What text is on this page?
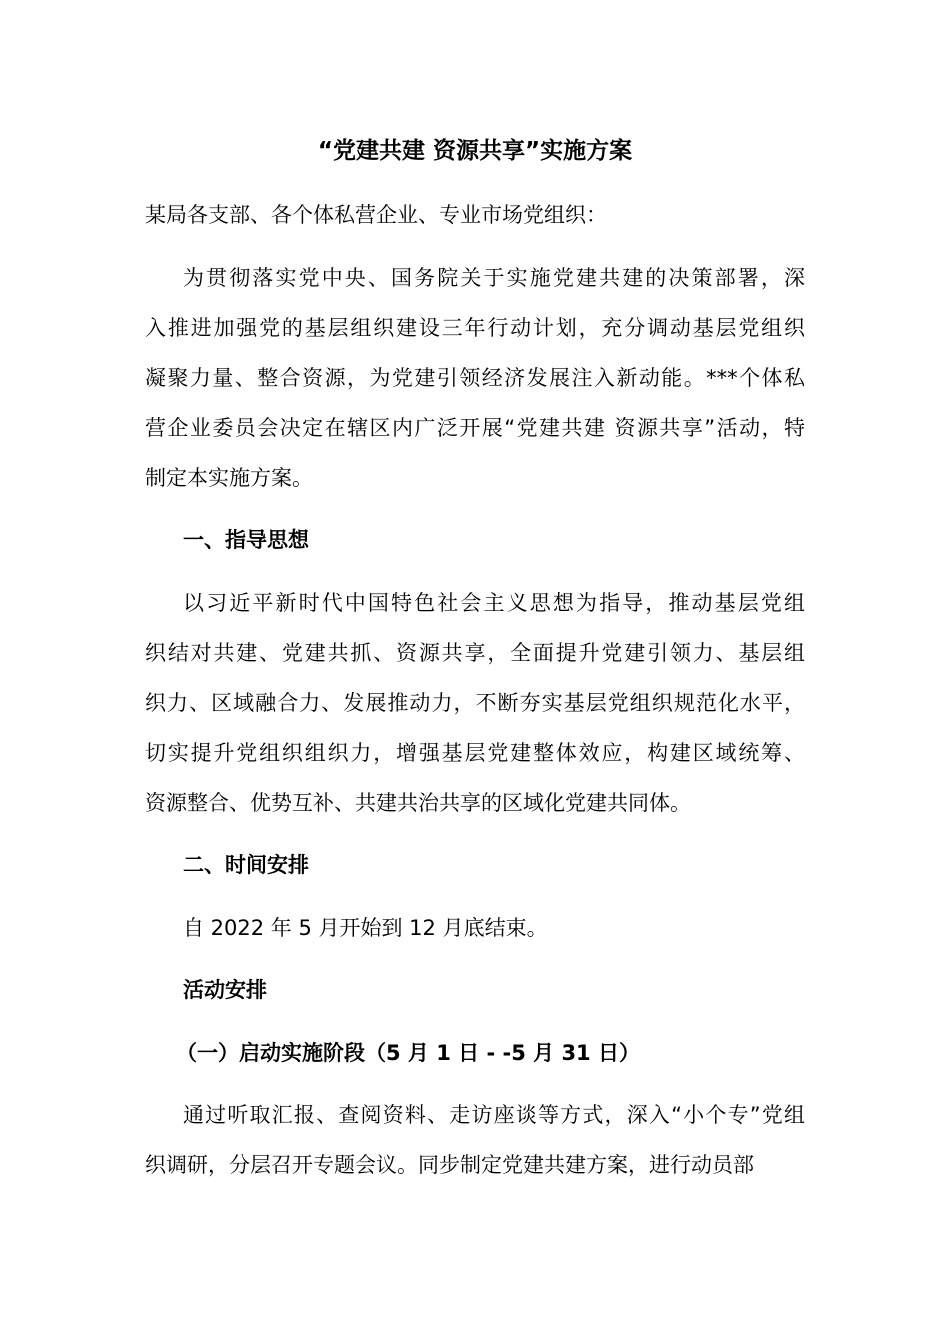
“党建共建 资源共享”实施方案
某局各支部、各个体私营企业、专业市场党组织：
为贯彻落实党中央、国务院关于实施党建共建的决策部署，深
入推进加强党的基层组织建设三年行动计划，充分调动基层党组织
凝聚力量、整合资源，为党建引领经济发展注入新动能。***个体私
营企业委员会决定在辖区内广泛开展“党建共建 资源共享”活动，特
制定本实施方案。
一、指导思想
以习近平新时代中国特色社会主义思想为指导，推动基层党组
织结对共建、党建共抓、资源共享，全面提升党建引领力、基层组
织力、区域融合力、发展推动力，不断夯实基层党组织规范化水平，
切实提升党组织组织力，增强基层党建整体效应，构建区域统筹、
资源整合、优势互补、共建共治共享的区域化党建共同体。
二、时间安排
自 2022 年 5 月开始到 12 月底结束。
活动安排
（一）启动实施阶段（5 月 1 日 - -5 月 31 日）
通过听取汇报、查阅资料、走访座谈等方式，深入“小个专”党组
织调研，分层召开专题会议。同步制定党建共建方案，进行动员部
